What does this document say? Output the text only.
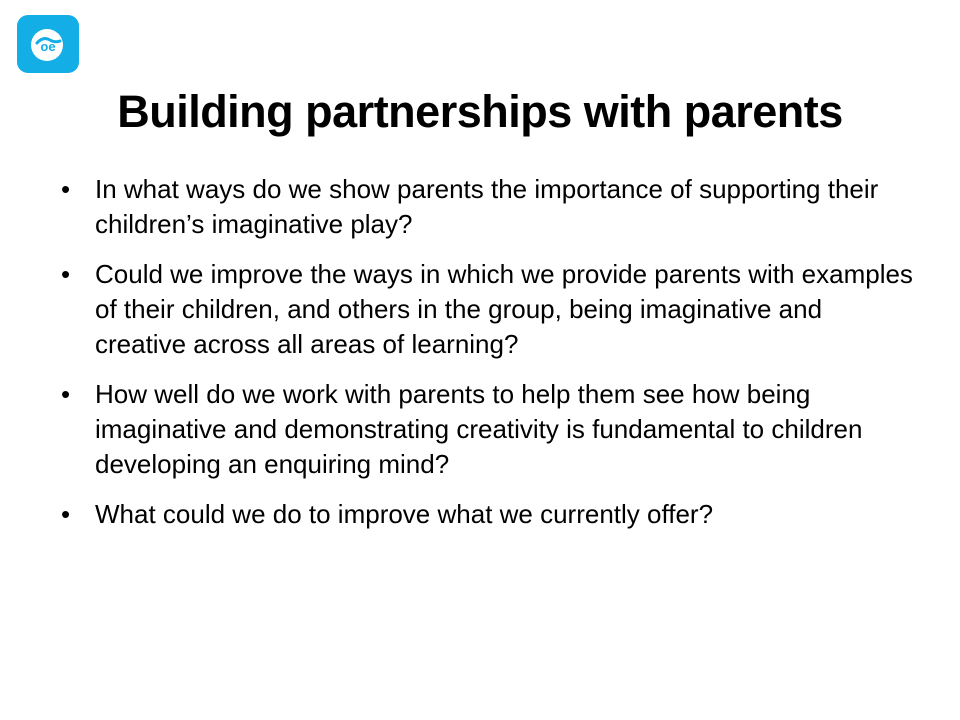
oe
Building partnerships with parents
• In what ways do we show parents the importance of supporting their children’s imaginative play?
• Could we improve the ways in which we provide parents with examples of their children, and others in the group, being imaginative and creative across all areas of learning?
• How well do we work with parents to help them see how being imaginative and demonstrating creativity is fundamental to children developing an enquiring mind?
• What could we do to improve what we currently offer?
